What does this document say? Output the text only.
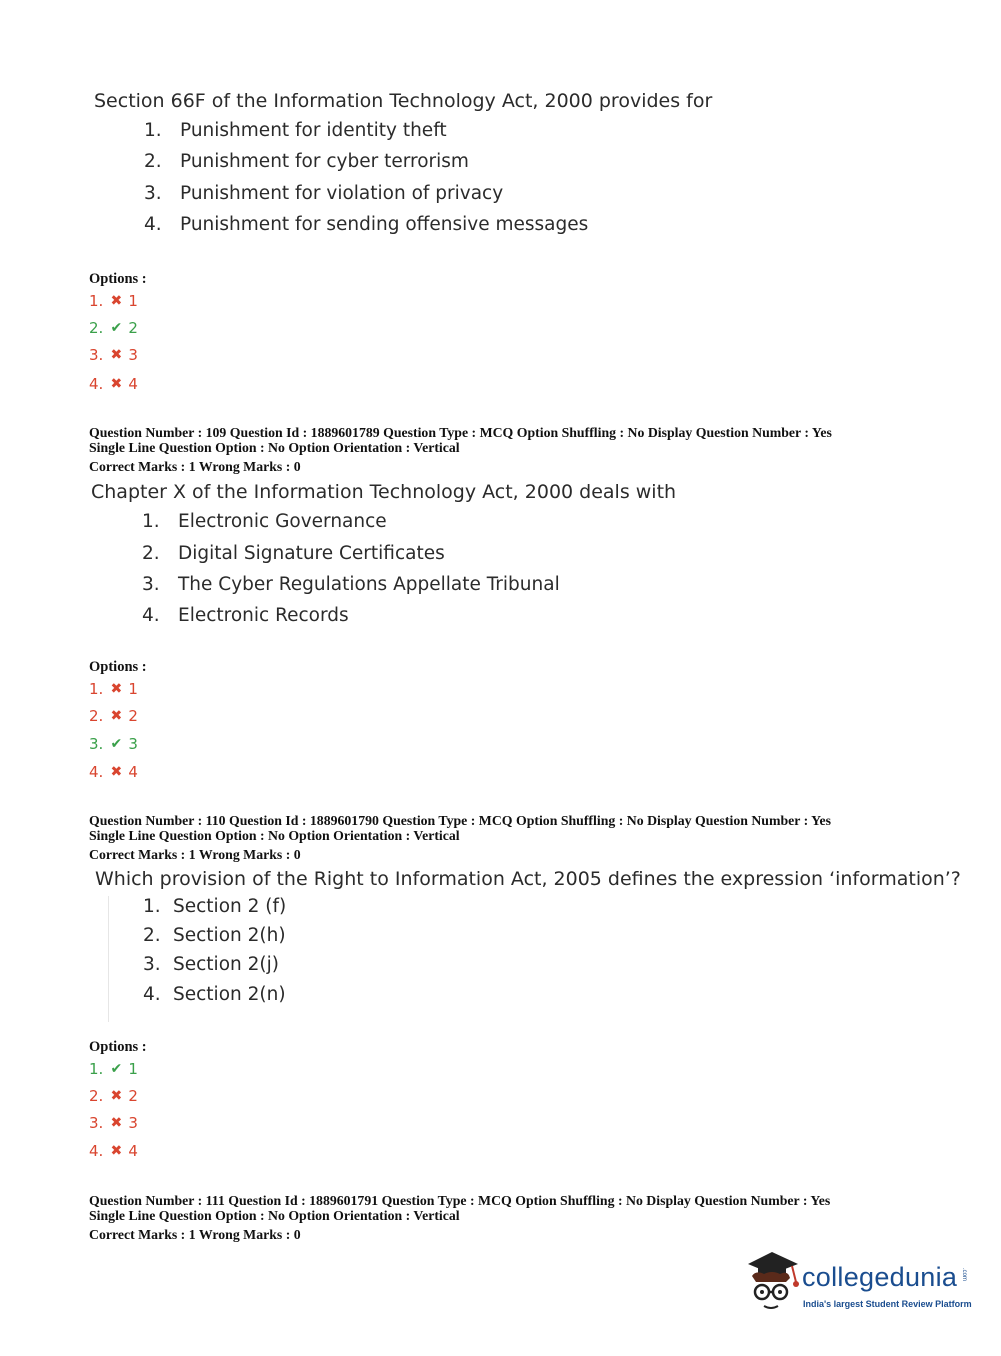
Section 66F of the Information Technology Act, 2000 provides for
1. Punishment for identity theft
2. Punishment for cyber terrorism
3. Punishment for violation of privacy
4. Punishment for sending offensive messages
Options :
1. ✖ 1
2. ✔ 2
3. ✖ 3
4. ✖ 4
Question Number : 109 Question Id : 1889601789 Question Type : MCQ Option Shuffling : No Display Question Number : Yes
Single Line Question Option : No Option Orientation : Vertical
Correct Marks : 1 Wrong Marks : 0
Chapter X of the Information Technology Act, 2000 deals with
1. Electronic Governance
2. Digital Signature Certificates
3. The Cyber Regulations Appellate Tribunal
4. Electronic Records
Options :
1. ✖ 1
2. ✖ 2
3. ✔ 3
4. ✖ 4
Question Number : 110 Question Id : 1889601790 Question Type : MCQ Option Shuffling : No Display Question Number : Yes
Single Line Question Option : No Option Orientation : Vertical
Correct Marks : 1 Wrong Marks : 0
Which provision of the Right to Information Act, 2005 defines the expression ‘information’?
1. Section 2 (f)
2. Section 2(h)
3. Section 2(j)
4. Section 2(n)
Options :
1. ✔ 1
2. ✖ 2
3. ✖ 3
4. ✖ 4
Question Number : 111 Question Id : 1889601791 Question Type : MCQ Option Shuffling : No Display Question Number : Yes
Single Line Question Option : No Option Orientation : Vertical
Correct Marks : 1 Wrong Marks : 0
collegedunia .com
India's largest Student Review Platform
